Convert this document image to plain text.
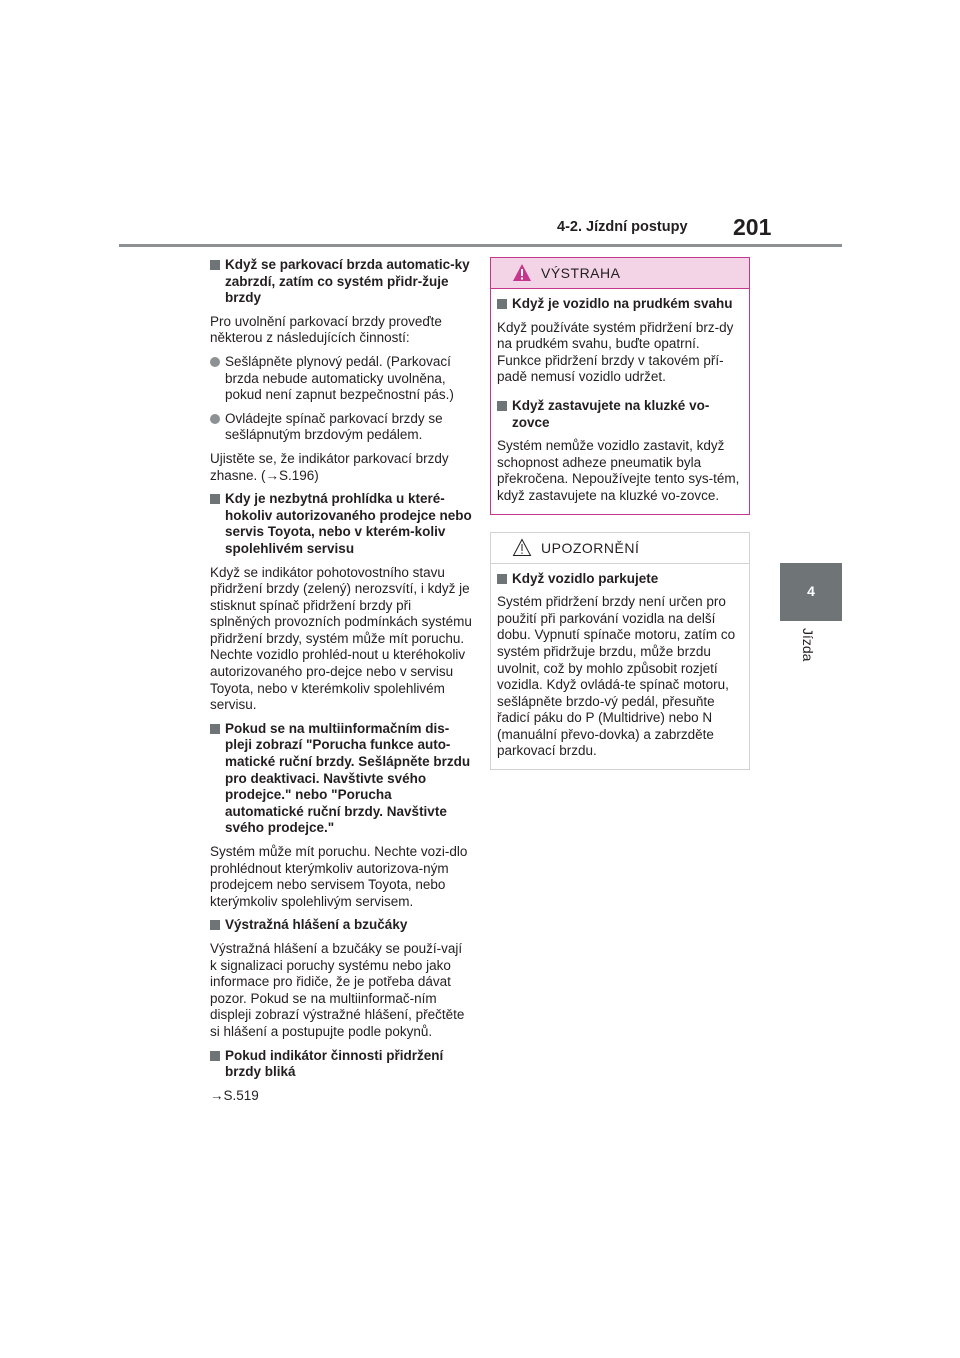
4-2. Jízdní postupy 201
4
Jízda
Když se parkovací brzda automatic-ky zabrzdí, zatím co systém přidr-žuje brzdy
Pro uvolnění parkovací brzdy proveďte některou z následujících činností:
Sešlápněte plynový pedál. (Parkovací brzda nebude automaticky uvolněna, pokud není zapnut bezpečnostní pás.)
Ovládejte spínač parkovací brzdy se sešlápnutým brzdovým pedálem.
Ujistěte se, že indikátor parkovací brzdy zhasne. (→S.196)
Kdy je nezbytná prohlídka u které-hokoliv autorizovaného prodejce nebo servis Toyota, nebo v kterém-koliv spolehlivém servisu
Když se indikátor pohotovostního stavu přidržení brzdy (zelený) nerozsvítí, i když je stisknut spínač přidržení brzdy při splněných provozních podmínkách systému přidržení brzdy, systém může mít poruchu. Nechte vozidlo prohléd-nout u kteréhokoliv autorizovaného pro-dejce nebo v servisu Toyota, nebo v kterémkoliv spolehlivém servisu.
Pokud se na multiinformačním dis-pleji zobrazí "Porucha funkce auto-matické ruční brzdy. Sešlápněte brzdu pro deaktivaci. Navštivte svého prodejce." nebo "Porucha automatické ruční brzdy. Navštivte svého prodejce."
Systém může mít poruchu. Nechte vozi-dlo prohlédnout kterýmkoliv autorizova-ným prodejcem nebo servisem Toyota, nebo kterýmkoliv spolehlivým servisem.
Výstražná hlášení a bzučáky
Výstražná hlášení a bzučáky se použí-vají k signalizaci poruchy systému nebo jako informace pro řidiče, že je potřeba dávat pozor. Pokud se na multiinformač-ním displeji zobrazí výstražné hlášení, přečtěte si hlášení a postupujte podle pokynů.
Pokud indikátor činnosti přidržení brzdy bliká
→S.519
VÝSTRAHA
Když je vozidlo na prudkém svahu
Když používáte systém přidržení brz-dy na prudkém svahu, buďte opatrní. Funkce přidržení brzdy v takovém pří-padě nemusí vozidlo udržet.
Když zastavujete na kluzké vo-zovce
Systém nemůže vozidlo zastavit, když schopnost adheze pneumatik byla překročena. Nepoužívejte tento sys-tém, když zastavujete na kluzké vo-zovce.
UPOZORNĚNÍ
Když vozidlo parkujete
Systém přidržení brzdy není určen pro použití při parkování vozidla na delší dobu. Vypnutí spínače motoru, zatím co systém přidržuje brzdu, může brzdu uvolnit, což by mohlo způsobit rozjetí vozidla. Když ovládá-te spínač motoru, sešlápněte brzdo-vý pedál, přesuňte řadicí páku do P (Multidrive) nebo N (manuální převo-dovka) a zabrzděte parkovací brzdu.
